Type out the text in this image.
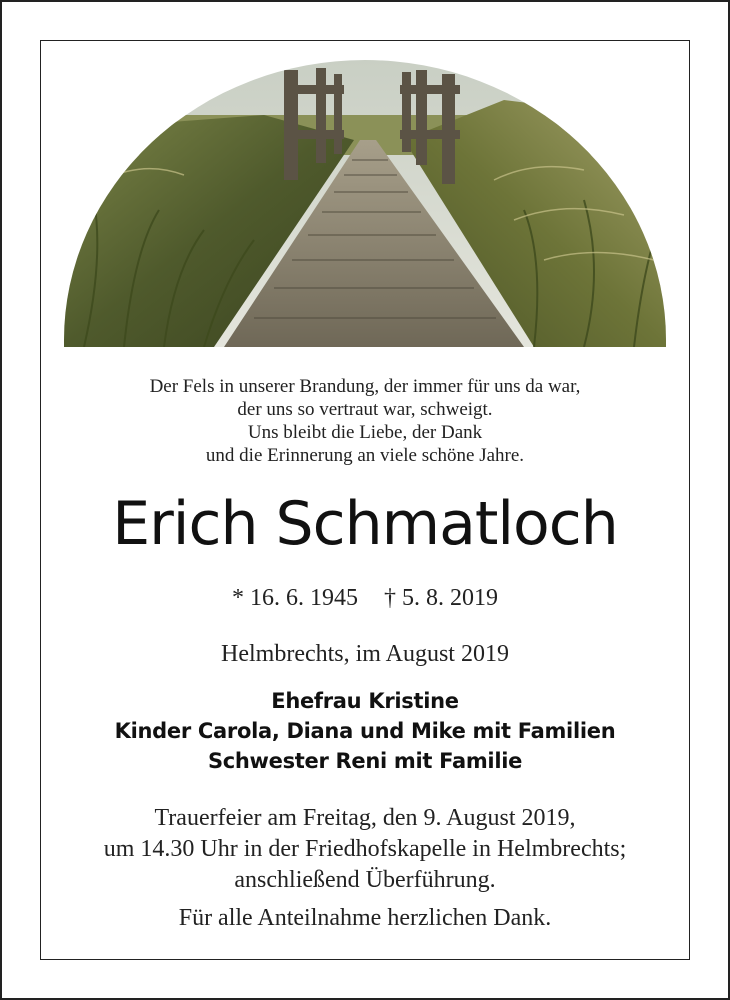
Der Fels in unserer Brandung, der immer für uns da war,
der uns so vertraut war, schweigt.
Uns bleibt die Liebe, der Dank
und die Erinnerung an viele schöne Jahre.
Erich Schmatloch
* 16. 6. 1945 † 5. 8. 2019
Helmbrechts, im August 2019
Ehefrau Kristine
Kinder Carola, Diana und Mike mit Familien
Schwester Reni mit Familie
Trauerfeier am Freitag, den 9. August 2019,
um 14.30 Uhr in der Friedhofskapelle in Helmbrechts;
anschließend Überführung.
Für alle Anteilnahme herzlichen Dank.
